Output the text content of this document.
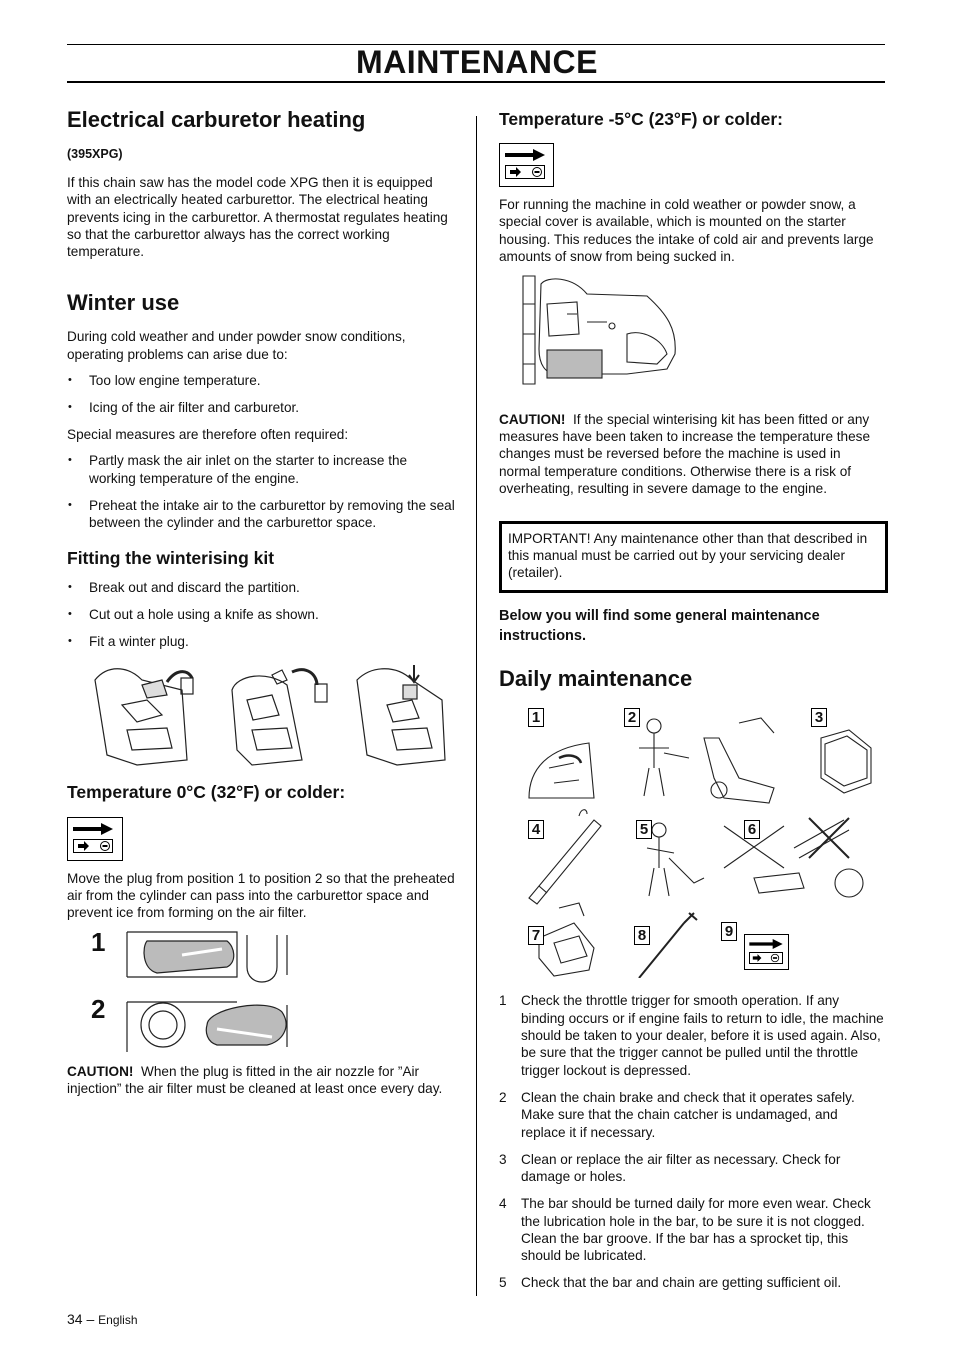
MAINTENANCE
Electrical carburetor heating

(395XPG)

If this chain saw has the model code XPG then it is equipped with an electrically heated carburettor. The electrical heating prevents icing in the carburettor. A thermostat regulates heating so that the carburettor always has the correct working temperature.

Winter use

During cold weather and under powder snow conditions, operating problems can arise due to:

• Too low engine temperature.
• Icing of the air filter and carburetor.

Special measures are therefore often required:

• Partly mask the air inlet on the starter to increase the working temperature of the engine.
• Preheat the intake air to the carburettor by removing the seal between the cylinder and the carburettor space.
Fitting the winterising kit
• Break out and discard the partition.
• Cut out a hole using a knife as shown.
• Fit a winter plug.
Temperature 0°C (32°F) or colder:

Move the plug from position 1 to position 2 so that the preheated air from the cylinder can pass into the carburettor space and prevent ice from forming on the air filter.

1
2

CAUTION! When the plug is fitted in the air nozzle for ”Air injection” the air filter must be cleaned at least once every day.

Temperature -5°C (23°F) or colder:

For running the machine in cold weather or powder snow, a special cover is available, which is mounted on the starter housing. This reduces the intake of cold air and prevents large amounts of snow from being sucked in.

CAUTION! If the special winterising kit has been fitted or any measures have been taken to increase the temperature these changes must be reversed before the machine is used in normal temperature conditions. Otherwise there is a risk of overheating, resulting in severe damage to the engine.

IMPORTANT! Any maintenance other than that described in this manual must be carried out by your servicing dealer (retailer).

Below you will find some general maintenance instructions.

Daily maintenance
1	2	3
4	5	6
7	8	9
1 Check the throttle trigger for smooth operation. If any binding occurs or if engine fails to return to idle, the machine should be taken to your dealer, before it is used again. Also, be sure that the trigger cannot be pulled until the throttle trigger lockout is depressed.
2 Clean the chain brake and check that it operates safely. Make sure that the chain catcher is undamaged, and replace it if necessary.
3 Clean or replace the air filter as necessary. Check for damage or holes.
4 The bar should be turned daily for more even wear. Check the lubrication hole in the bar, to be sure it is not clogged. Clean the bar groove. If the bar has a sprocket tip, this should be lubricated.
5 Check that the bar and chain are getting sufficient oil.
34 – English
